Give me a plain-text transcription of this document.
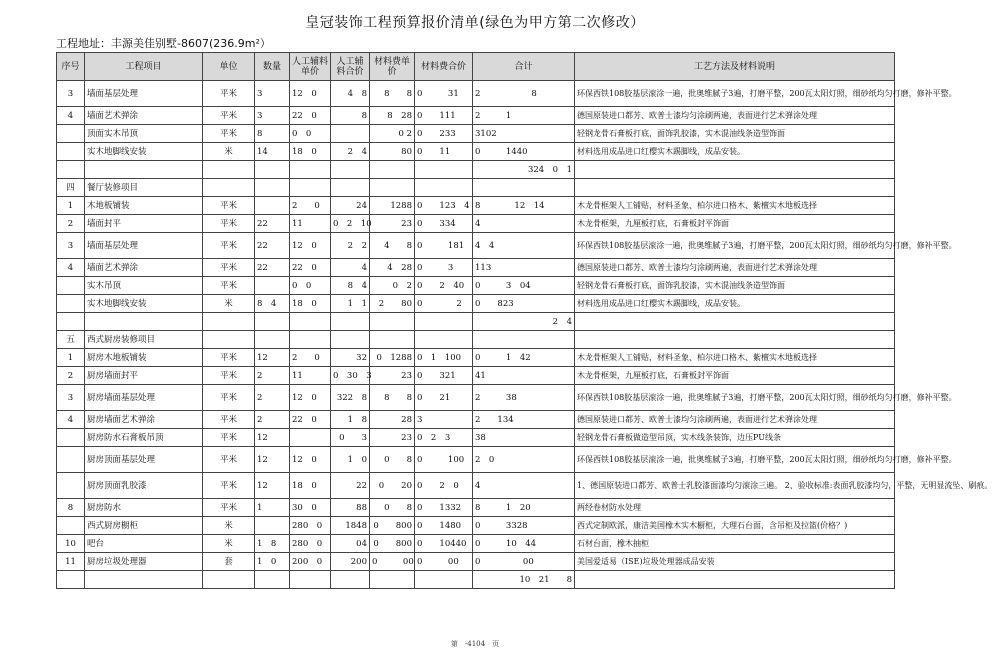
皇冠装饰工程预算报价清单(绿色为甲方第二次修改）
工程地址：丰源美佳别墅-8607(236.9m²）
序号	工程项目	单位	数量	人工辅料单价	人工辅料合价	材料费单价	材料费合价	合计	工艺方法及材料说明
3	墙面基层处理	平米	3	12　0	4　8	8　　8	0　　　31	2　　　　　　8	环保西铁108胶基层滚涂一遍，批奥维腻子3遍，打磨平整，200瓦太阳灯照，细砂纸均匀打磨，修补平整。
4	墙面艺术弹涂	平米	3	22　0	8	8　28	0　　111	2　　　1	德国原装进口都芳、欧普士漆均匀涂刷两遍，表面进行艺术弹涂处理
	顶面实木吊顶	平米	8	0　0		0 2	0　　233	3102	轻钢龙骨石膏板打底，面饰乳胶漆，实木混油线条造型饰面
	实木地脚线安装	米	14	18　0	2　4	80	0　　11	0　　　1440	材料选用成品进口红樱实木踢脚线，成品安装。
								324　0　1	
四	餐厅装修项目								
1	木地板铺装	平米		2　　0	24	1288	0　　123　4	8　　　　12　14	木龙骨框架人工铺贴，材料圣象、柏尔进口格木、紫檀实木地板选择
2	墙面封平	平米	22	11	0　2　10	23	0　　334	4	木龙骨框架，九厘板打底，石膏板封平饰面
3	墙面基层处理	平米	22	12　0	2　2	4　　8	0　　　181	4　4	环保西铁108胶基层滚涂一遍，批奥维腻子3遍，打磨平整，200瓦太阳灯照，细砂纸均匀打磨，修补平整。
4	墙面艺术弹涂	平米	22	22　0	4	4　28	0　　　3	113	德国原装进口都芳、欧普士漆均匀涂刷两遍，表面进行艺术弹涂处理
	实木吊顶	平米		0　0	8　4	0　2	0　　2　40	0　　　3　04	轻钢龙骨石膏板打底，面饰乳胶漆，实木混油线条造型饰面
	实木地脚线安装	米	8　4	18　0	1　1	2　　80	0　　　　2	0　　823	材料选用成品进口红樱实木踢脚线，成品安装。
								2　4	
五	西式厨房装修项目								
1	厨房木地板铺装	平米	12	2　　0	32	0　1288	0　1　100	0　　　1　42	木龙骨框架人工铺贴，材料圣象、柏尔进口格木、紫檀实木地板选择
2	厨房墙面封平	平米	2	11	0　30　3	23	0　　321	41	木龙骨框架，九厘板打底，石膏板封平饰面
3	厨房墙面基层处理	平米	2	12　0	322　8	8　　8	0　　21	2　　　38	环保西铁108胶基层滚涂一遍，批奥维腻子3遍，打磨平整，200瓦太阳灯照，细砂纸均匀打磨，修补平整。
4	厨房墙面艺术弹涂	平米	2	22　0	1　8	28	3	2　　134	德国原装进口都芳、欧普士漆均匀涂刷两遍，表面进行艺术弹涂处理
	厨房防水石膏板吊顶	平米	12		0　　3	23	0　2　3	38	轻钢龙骨石膏板做造型吊顶，实木线条装饰，边压PU线条
	厨房顶面基层处理	平米	12	12　0	1　0	0　　8	0　　　100	2　0	环保西铁108胶基层滚涂一遍，批奥维腻子3遍，打磨平整，200瓦太阳灯照，细砂纸均匀打磨，修补平整。
	厨房顶面乳胶漆	平米	12	18　0	22	0　　20	0　　2　0	4	1、德国原装进口都芳、欧普士乳胶漆面漆均匀滚涂三遍。 2、验收标准:表面乳胶漆均匀，平整，无明显流坠、刷痕。
8	厨房防水	平米	1	30　0	88	0　　8	0　　1332	8　　　1　20	两经卷材防水处理
	西式厨房橱柜	米		280　0	1848	0　　800	0　　1480	0　　　3328	西式定制欧派，康洁美国橡木实木橱柜，大理石台面，含吊柜及拉篮(价格？)
10	吧台	米	1　8	280　0	04	0　　800	0　　10440	0　　　10　44	石材台面，橡木抽柜
11	厨房垃圾处理器	套	1　0	200　0	200	0　　　00	0　　　00	0　　　　　00	美国爱适易（ISE)垃圾处理器成品安装
								10　21　　8	
第　-4104　页
